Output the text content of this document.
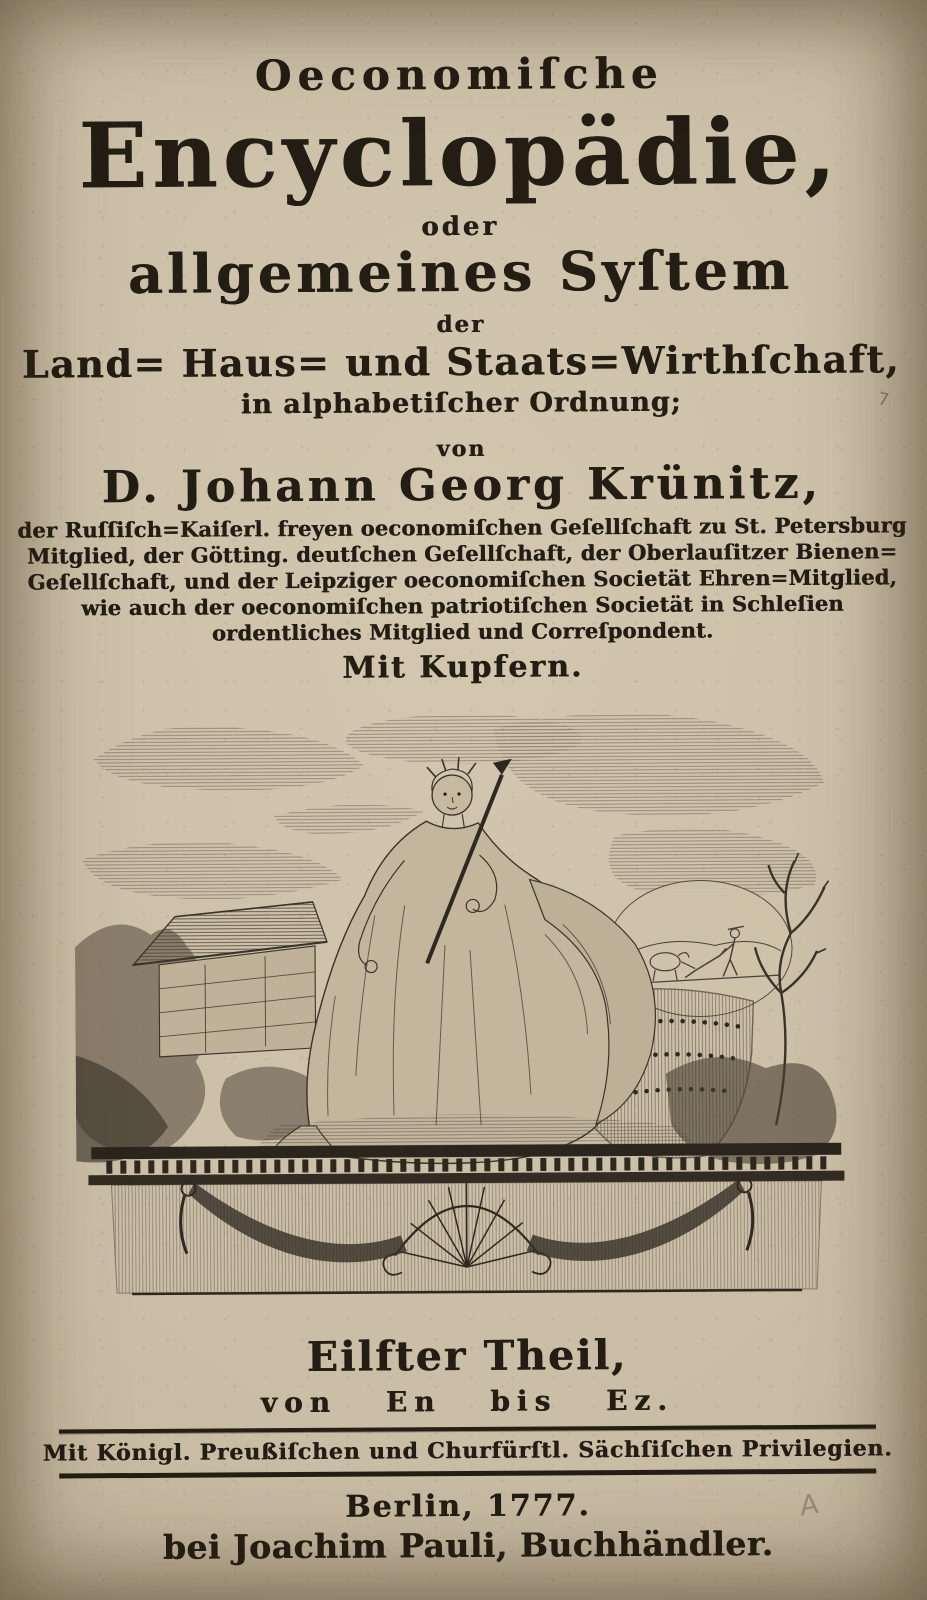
Oeconomiſche
Encyclopädie,
oder
allgemeines Syſtem
der
Land= Haus= und Staats=Wirthſchaft,
in alphabetiſcher Ordnung;
von
D. Johann Georg Krünitz,
der Ruſſiſch=Kaiſerl. freyen oeconomiſchen Geſellſchaft zu St. Petersburg
Mitglied, der Götting. deutſchen Geſellſchaft, der Oberlauſitzer Bienen=
Geſellſchaft, und der Leipziger oeconomiſchen Societät Ehren=Mitglied,
wie auch der oeconomiſchen patriotiſchen Societät in Schleſien
ordentliches Mitglied und Correſpondent.
Mit Kupfern.
Eilfter Theil,
von En bis Ez.
Mit Königl. Preußiſchen und Churfürſtl. Sächſiſchen Privilegien.
Berlin, 1777.
bei Joachim Pauli, Buchhändler.
7
A
